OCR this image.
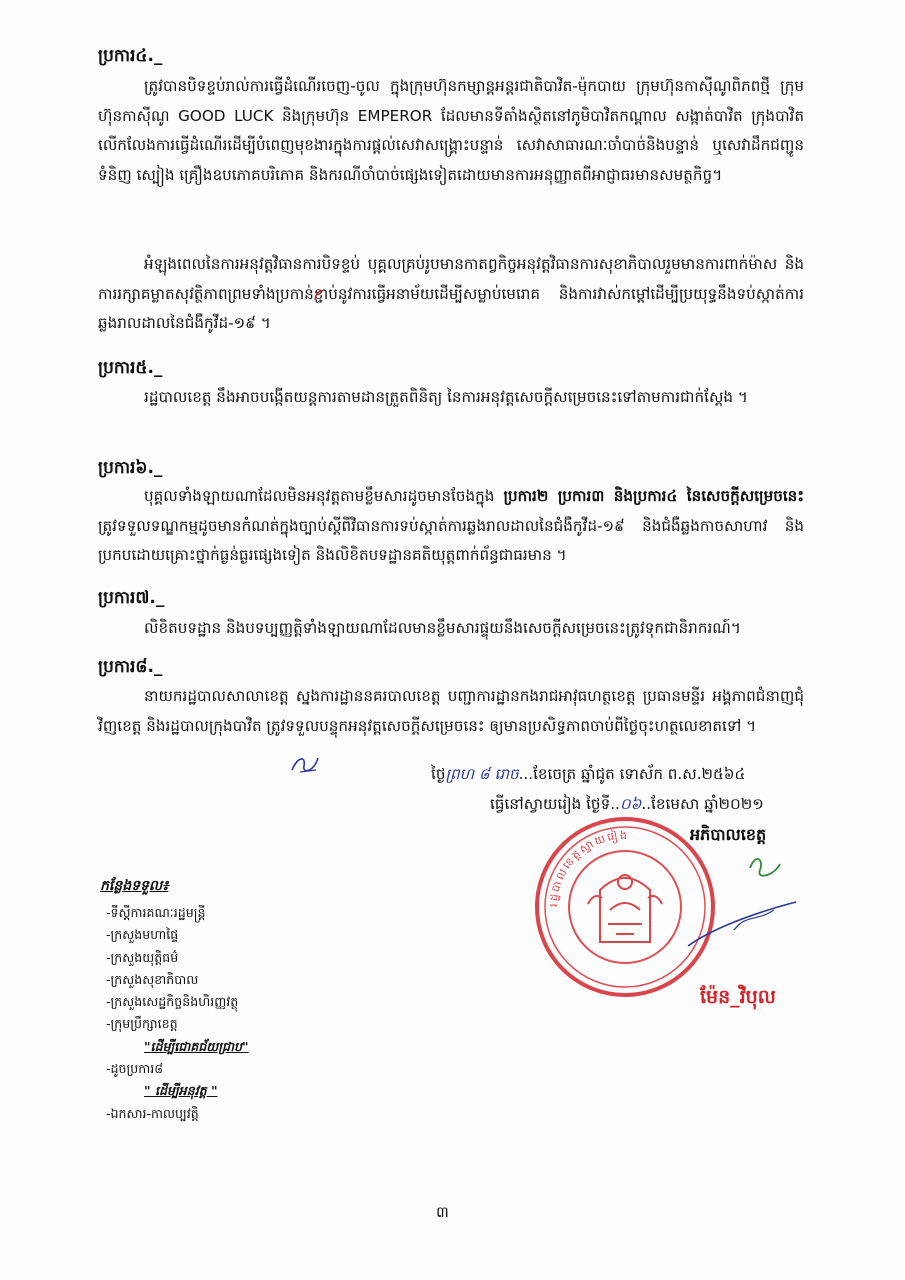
ប្រការ៤._
ត្រូវបានបិទខ្ទប់រាល់ការធ្វើដំណើរចេញ-ចូល ក្នុងក្រុមហ៊ុនកម្សាន្តអន្តរជាតិបាវិត-ម៉ុកបាយ ក្រុមហ៊ុនកាស៊ីណូពិភពថ្មី ក្រុមហ៊ុនកាស៊ីណូ GOOD LUCK និងក្រុមហ៊ុន EMPEROR ដែលមានទីតាំងស្ថិតនៅភូមិបាវិតកណ្តាល សង្កាត់បាវិត ក្រុងបាវិត លើកលែងការធ្វើដំណើរដើម្បីបំពេញមុខងារក្នុងការផ្តល់សេវាសង្គ្រោះបន្ទាន់ សេវាសាធារណៈចាំបាច់និងបន្ទាន់ ឬសេវាដឹកជញ្ជូនទំនិញ ស្បៀង គ្រឿងឧបភោគបរិភោគ និងករណីចាំបាច់ផ្សេងទៀតដោយមានការអនុញ្ញាតពីអាជ្ញាធរមានសមត្ថកិច្ច។
អំឡុងពេលនៃការអនុវត្តវិធានការបិទខ្ទប់ បុគ្គលគ្រប់រូបមានកាតព្វកិច្ចអនុវត្តវិធានការសុខាភិបាលរួមមានការពាក់ម៉ាស និងការរក្សាគម្លាតសុវត្ថិភាពព្រមទាំងប្រកាន់ខ្ជាប់នូវការធ្វើអនាម័យដើម្បីសម្លាប់មេរោគ និងការវាស់កម្តៅដើម្បីប្រយុទ្ធនឹងទប់ស្កាត់ការឆ្លងរាលដាលនៃជំងឺកូវីដ-១៩ ។
ប្រការ៥._
រដ្ឋបាលខេត្ត នឹងអាចបង្កើតយន្តការតាមដានត្រួតពិនិត្យ នៃការអនុវត្តសេចក្តីសម្រេចនេះទៅតាមការជាក់ស្តែង ។
ប្រការ៦._
បុគ្គលទាំងឡាយណាដែលមិនអនុវត្តតាមខ្លឹមសារដូចមានចែងក្នុង ប្រការ២ ប្រការ៣ និងប្រការ៤ នៃសេចក្តីសម្រេចនេះ ត្រូវទទួលទណ្ឌកម្មដូចមានកំណត់ក្នុងច្បាប់ស្តីពីវិធានការទប់ស្កាត់ការឆ្លងរាលដាលនៃជំងឺកូវីដ-១៩ និងជំងឺឆ្លងកាចសាហាវ និងប្រកបដោយគ្រោះថ្នាក់ធ្ងន់ធ្ងរផ្សេងទៀត និងលិខិតបទដ្ឋានគតិយុត្តពាក់ព័ន្ធជាធរមាន ។
ប្រការ៧._
លិខិតបទដ្ឋាន និងបទប្បញ្ញត្តិទាំងឡាយណាដែលមានខ្លឹមសារផ្ទុយនឹងសេចក្តីសម្រេចនេះត្រូវទុកជានិរាករណ៍។
ប្រការ៨._
នាយករដ្ឋបាលសាលាខេត្ត ស្នងការដ្ឋាននគរបាលខេត្ត បញ្ជាការដ្ឋានកងរាជអាវុធហត្ថខេត្ត ប្រធានមន្ទីរ អង្គភាពជំនាញជុំវិញខេត្ត និងរដ្ឋបាលក្រុងបាវិត ត្រូវទទួលបន្ទុកអនុវត្តសេចក្តីសម្រេចនេះ ឲ្យមានប្រសិទ្ធភាពចាប់ពីថ្ងៃចុះហត្ថលេខាតទៅ ។
ថ្ងៃព្រហ ៨ រោច...ខែចេត្រ ឆ្នាំជូត ទោស័ក ព.ស.២៥៦៤
ធ្វើនៅស្វាយរៀង ថ្ងៃទី..០៦..ខែមេសា ឆ្នាំ២០២១
អភិបាលខេត្ត
រដ្ឋបាលខេត្តស្វាយរៀង
ម៉ែន_វិបុល
កន្លែងទទួល៖
-ទីស្តីការគណៈរដ្ឋមន្ត្រី
-ក្រសួងមហាផ្ទៃ
-ក្រសួងយុត្តិធម៌
-ក្រសួងសុខាភិបាល
-ក្រសួងសេដ្ឋកិច្ចនិងហិរញ្ញវត្ថុ
-ក្រុមប្រឹក្សាខេត្ត
"ដើម្បីជោគជ័យជ្រាប"
-ដូចប្រការ៨
" ដើម្បីអនុវត្ត "
-ឯកសារ-កាលប្បវត្តិ
៣
